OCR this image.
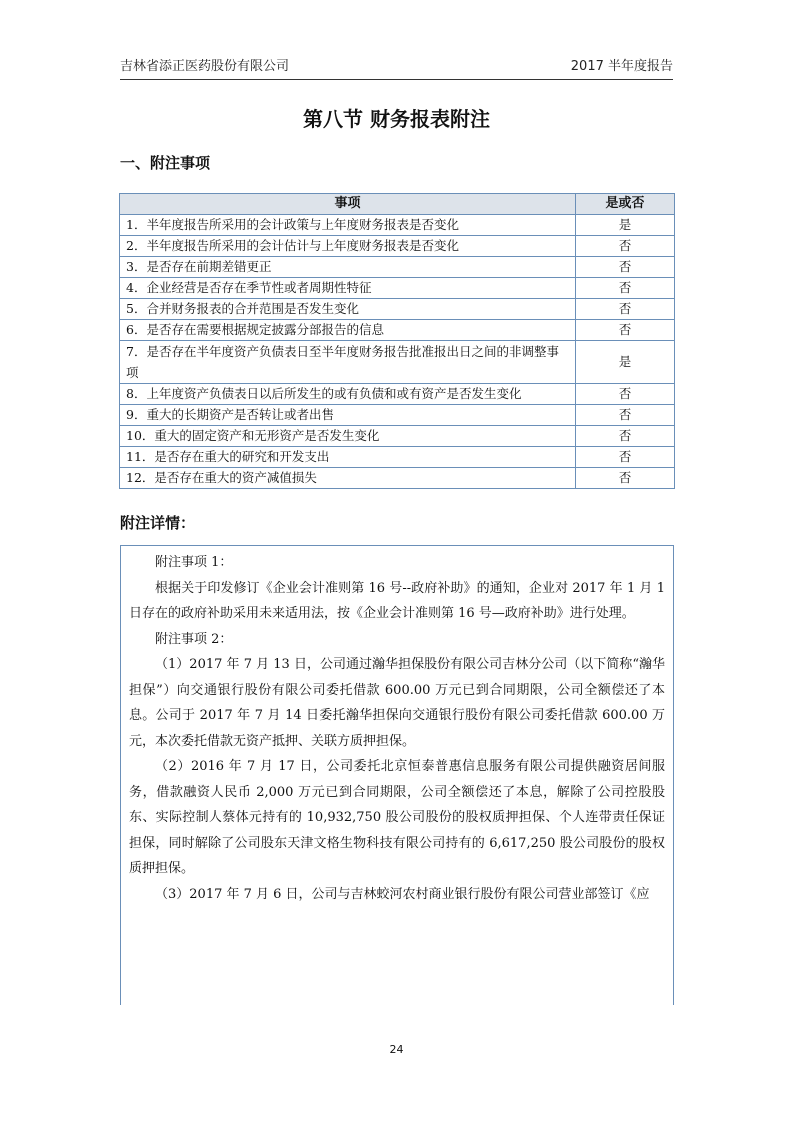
吉林省添正医药股份有限公司	2017 半年度报告
第八节 财务报表附注
一、附注事项
事项	是或否
1．半年度报告所采用的会计政策与上年度财务报表是否变化	是
2．半年度报告所采用的会计估计与上年度财务报表是否变化	否
3．是否存在前期差错更正	否
4．企业经营是否存在季节性或者周期性特征	否
5．合并财务报表的合并范围是否发生变化	否
6．是否存在需要根据规定披露分部报告的信息	否
7．是否存在半年度资产负债表日至半年度财务报告批准报出日之间的非调整事项	是
8．上年度资产负债表日以后所发生的或有负债和或有资产是否发生变化	否
9．重大的长期资产是否转让或者出售	否
10．重大的固定资产和无形资产是否发生变化	否
11．是否存在重大的研究和开发支出	否
12．是否存在重大的资产减值损失	否
附注详情：

附注事项 1：

根据关于印发修订《企业会计准则第 16 号--政府补助》的通知，企业对 2017 年 1 月 1 日存在的政府补助采用未来适用法，按《企业会计准则第 16 号—政府补助》进行处理。

附注事项 2：

（1）2017 年 7 月 13 日，公司通过瀚华担保股份有限公司吉林分公司（以下简称“瀚华担保”）向交通银行股份有限公司委托借款 600.00 万元已到合同期限，公司全额偿还了本息。公司于 2017 年 7 月 14 日委托瀚华担保向交通银行股份有限公司委托借款 600.00 万元，本次委托借款无资产抵押、关联方质押担保。

（2）2016 年 7 月 17 日，公司委托北京恒泰普惠信息服务有限公司提供融资居间服务，借款融资人民币 2,000 万元已到合同期限，公司全额偿还了本息，解除了公司控股股东、实际控制人蔡体元持有的 10,932,750 股公司股份的股权质押担保、个人连带责任保证担保，同时解除了公司股东天津文格生物科技有限公司持有的 6,617,250 股公司股份的股权质押担保。

（3）2017 年 7 月 6 日，公司与吉林蛟河农村商业银行股份有限公司营业部签订《应

24
